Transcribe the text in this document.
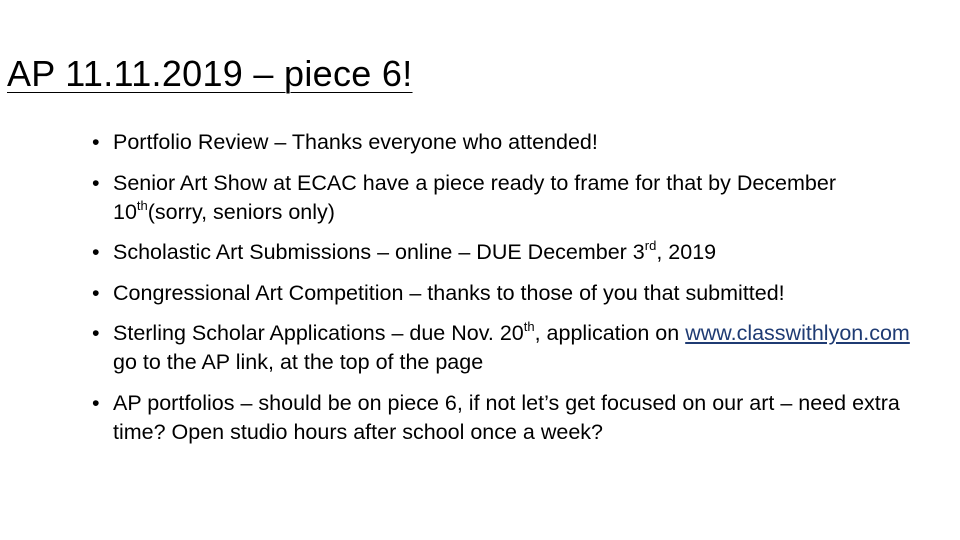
AP 11.11.2019 – piece 6!
• Portfolio Review – Thanks everyone who attended!
• Senior Art Show at ECAC have a piece ready to frame for that by December 10th(sorry, seniors only)
• Scholastic Art Submissions – online – DUE December 3rd, 2019
• Congressional Art Competition – thanks to those of you that submitted!
• Sterling Scholar Applications – due Nov. 20th, application on www.classwithlyon.com go to the AP link, at the top of the page
• AP portfolios – should be on piece 6, if not let’s get focused on our art – need extra time? Open studio hours after school once a week?
